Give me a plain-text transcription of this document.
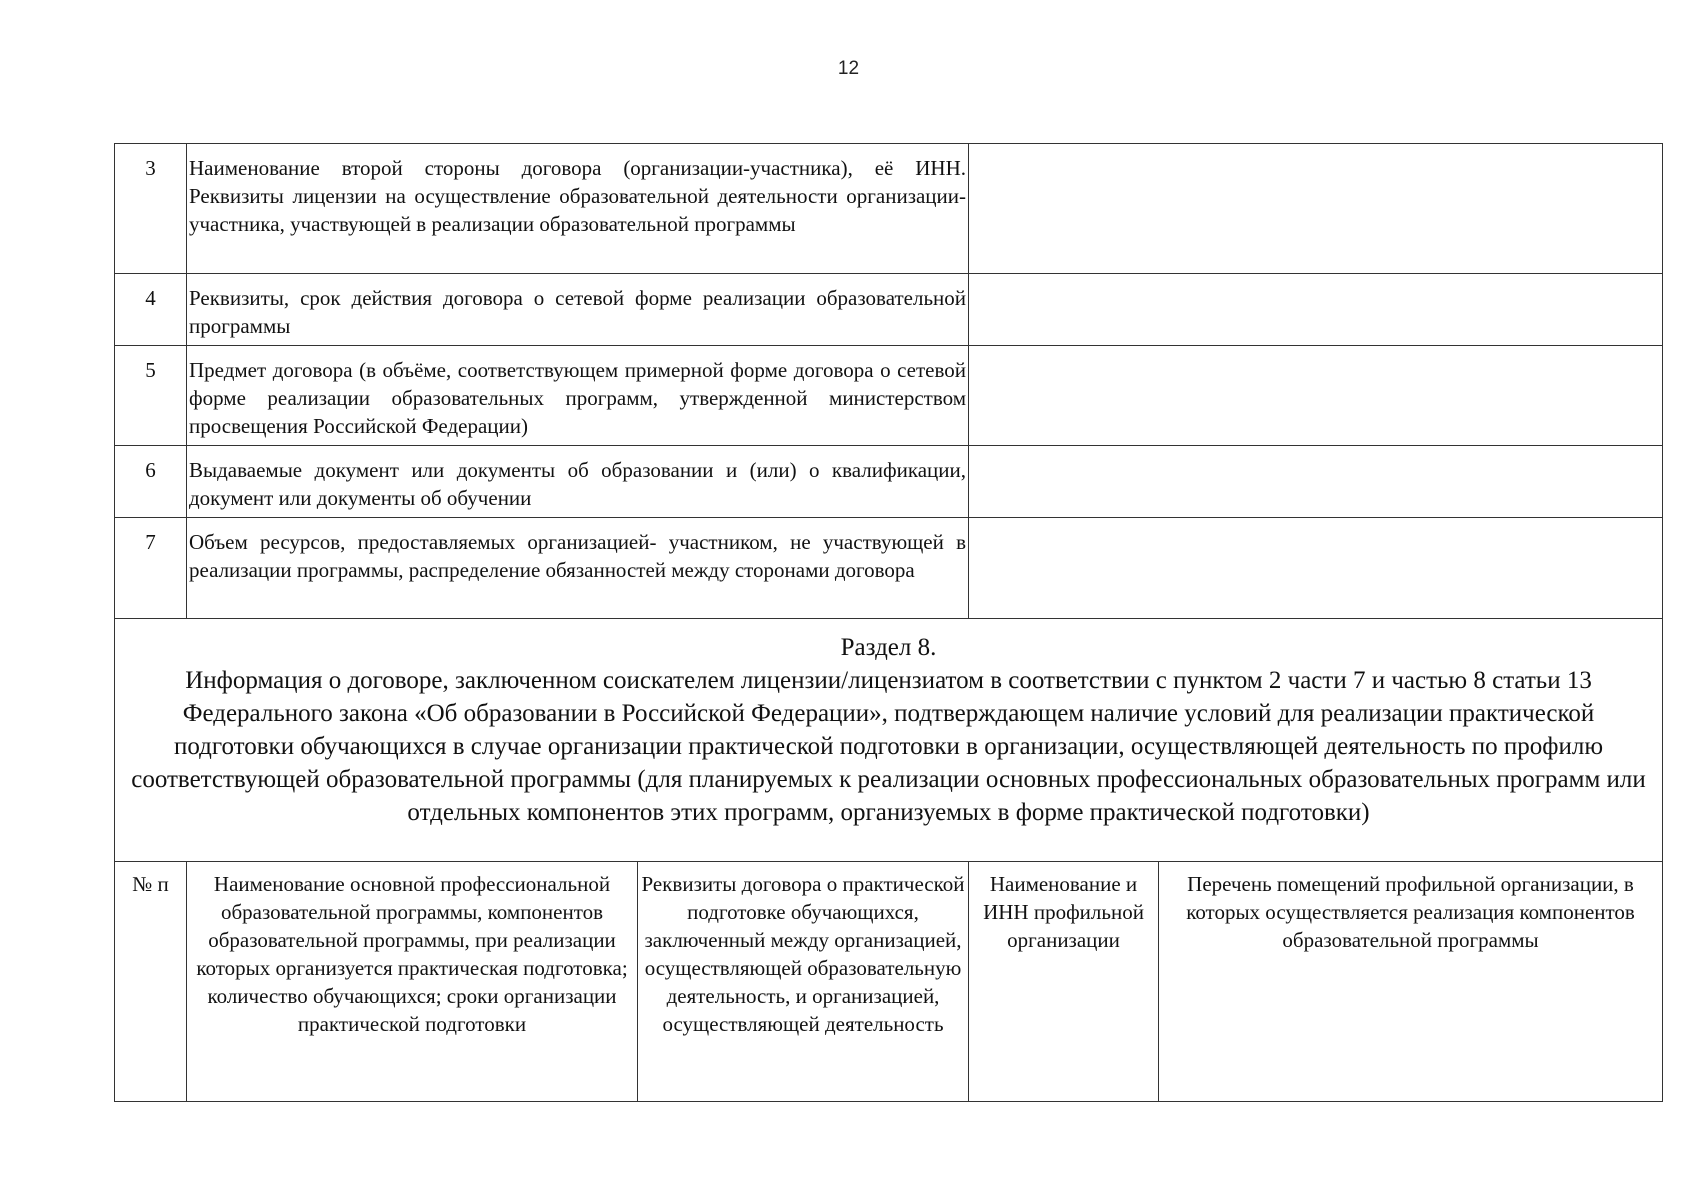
12
3	Наименование второй стороны договора (организации-участника), её ИНН. Реквизиты лицензии на осуществление образовательной деятельности организации-участника, участвующей в реализации образовательной программы			
4	Реквизиты, срок действия договора о сетевой форме реализации образовательной программы			
5	Предмет договора (в объёме, соответствующем примерной форме договора о сетевой форме реализации образовательных программ, утвержденной министерством просвещения Российской Федерации)			
6	Выдаваемые документ или документы об образовании и (или) о квалификации, документ или документы об обучении			
7	Объем ресурсов, предоставляемых организацией- участником, не участвующей в реализации программы, распределение обязанностей между сторонами договора			

Раздел 8.
Информация о договоре, заключенном соискателем лицензии/лицензиатом в соответствии с пунктом 2 части 7 и частью 8 статьи 13 Федерального закона «Об образовании в Российской Федерации», подтверждающем наличие условий для реализации практической подготовки обучающихся в случае организации практической подготовки в организации, осуществляющей деятельность по профилю соответствующей образовательной программы (для планируемых к реализации основных профессиональных образовательных программ или отдельных компонентов этих программ, организуемых в форме практической подготовки)				
№ п	Наименование основной профессиональной образовательной программы, компонентов образовательной программы, при реализации которых организуется практическая подготовка; количество обучающихся; сроки организации практической подготовки	Реквизиты договора о практической подготовке обучающихся, заключенный между организацией, осуществляющей образовательную деятельность, и организацией, осуществляющей деятельность	Наименование и ИНН профильной организации	Перечень помещений профильной организации, в которых осуществляется реализация компонентов образовательной программы
